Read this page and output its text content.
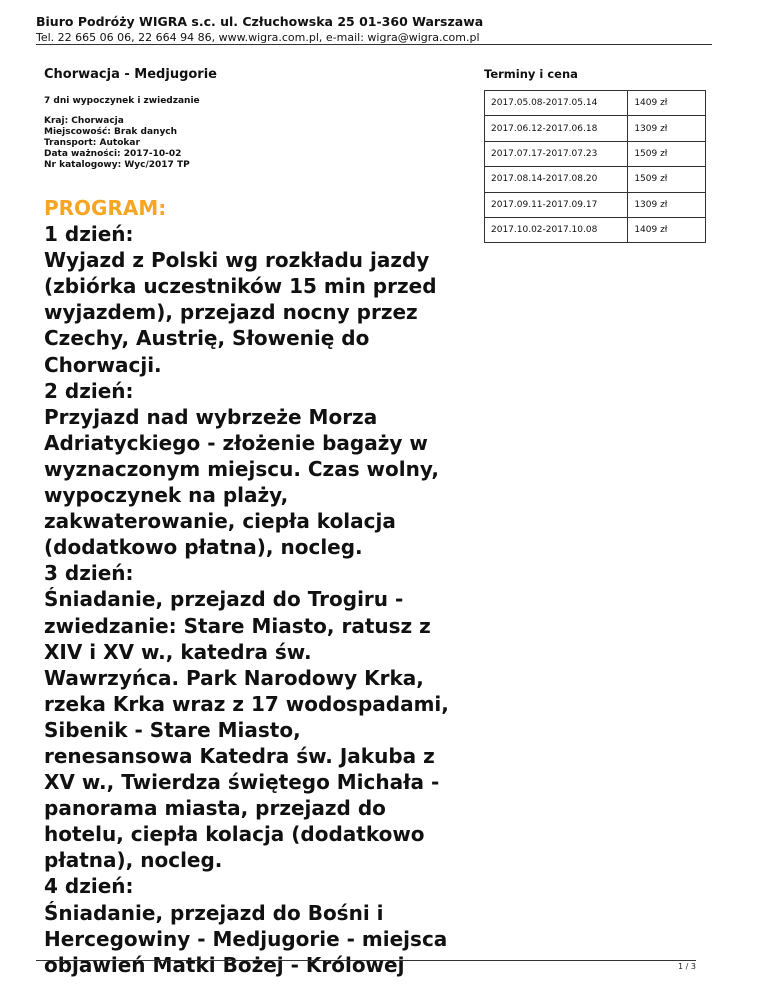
Biuro Podróży WIGRA s.c. ul. Człuchowska 25 01-360 Warszawa
Tel. 22 665 06 06, 22 664 94 86, www.wigra.com.pl, e-mail: wigra@wigra.com.pl
Chorwacja - Medjugorie
7 dni wypoczynek i zwiedzanie
Kraj: Chorwacja
Miejscowość: Brak danych
Transport: Autokar
Data ważności: 2017-10-02
Nr katalogowy: Wyc/2017 TP
PROGRAM:
1 dzień:
Wyjazd z Polski wg rozkładu jazdy
(zbiórka uczestników 15 min przed
wyjazdem), przejazd nocny przez
Czechy, Austrię, Słowenię do
Chorwacji.
2 dzień:
Przyjazd nad wybrzeże Morza
Adriatyckiego - złożenie bagaży w
wyznaczonym miejscu. Czas wolny,
wypoczynek na plaży,
zakwaterowanie, ciepła kolacja
(dodatkowo płatna), nocleg.
3 dzień:
Śniadanie, przejazd do Trogiru -
zwiedzanie: Stare Miasto, ratusz z
XIV i XV w., katedra św.
Wawrzyńca. Park Narodowy Krka,
rzeka Krka wraz z 17 wodospadami,
Sibenik - Stare Miasto,
renesansowa Katedra św. Jakuba z
XV w., Twierdza świętego Michała -
panorama miasta, przejazd do
hotelu, ciepła kolacja (dodatkowo
płatna), nocleg.
4 dzień:
Śniadanie, przejazd do Bośni i
Hercegowiny - Medjugorie - miejsca
objawień Matki Bożej - Królowej
Terminy i cena
2017.05.08-2017.05.14	1409 zł
2017.06.12-2017.06.18	1309 zł
2017.07.17-2017.07.23	1509 zł
2017.08.14-2017.08.20	1509 zł
2017.09.11-2017.09.17	1309 zł
2017.10.02-2017.10.08	1409 zł
1 / 3
